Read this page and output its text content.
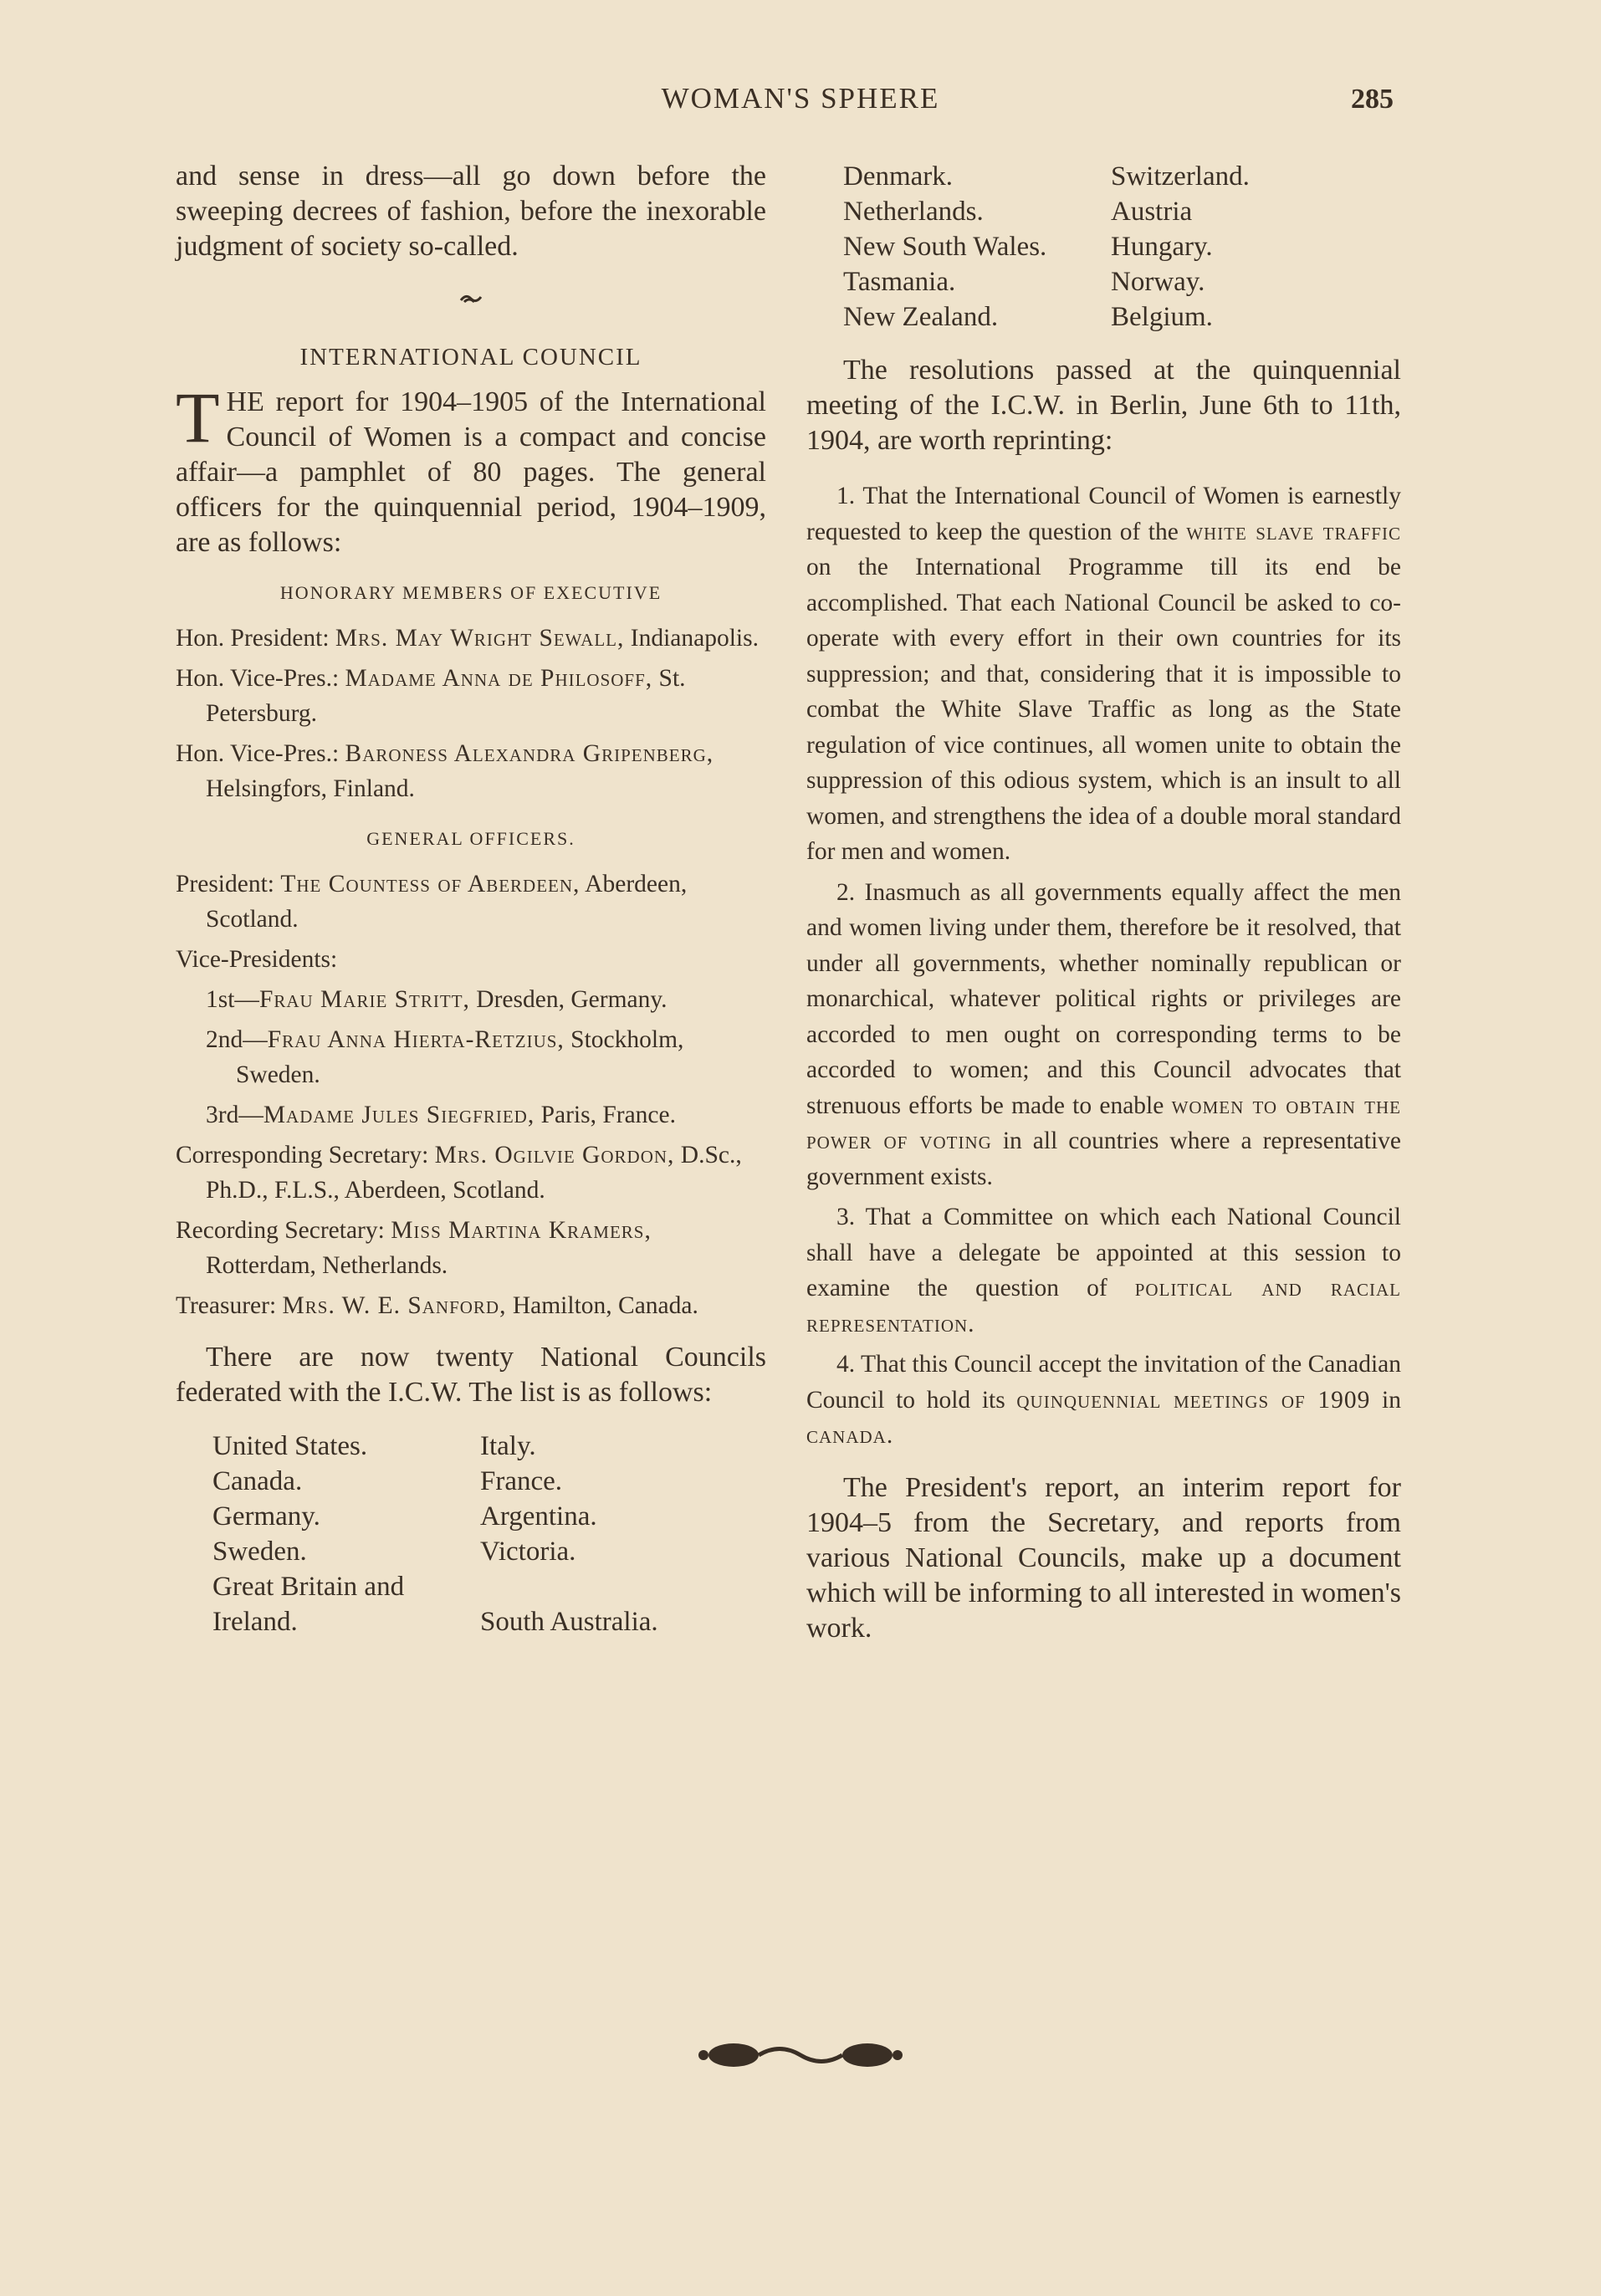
WOMAN'S SPHERE	285

and sense in dress—all go down before the sweeping decrees of fashion, before the inexorable judgment of society so-called.

INTERNATIONAL COUNCIL

THE report for 1904–1905 of the International Council of Women is a compact and concise affair—a pamphlet of 80 pages. The general officers for the quinquennial period, 1904–1909, are as follows:

HONORARY MEMBERS OF EXECUTIVE
Hon. President: Mrs. May Wright Sewall, Indianapolis.
Hon. Vice-Pres.: Madame Anna de Philosoff, St. Petersburg.
Hon. Vice-Pres.: Baroness Alexandra Gripenberg, Helsingfors, Finland.
GENERAL OFFICERS.
President: The Countess of Aberdeen, Aberdeen, Scotland.
Vice-Presidents:
1st—Frau Marie Stritt, Dresden, Germany.
2nd—Frau Anna Hierta-Retzius, Stockholm, Sweden.
3rd—Madame Jules Siegfried, Paris, France.
Corresponding Secretary: Mrs. Ogilvie Gordon, D.Sc., Ph.D., F.L.S., Aberdeen, Scotland.
Recording Secretary: Miss Martina Kramers, Rotterdam, Netherlands.
Treasurer: Mrs. W. E. Sanford, Hamilton, Canada.

There are now twenty National Councils federated with the I.C.W. The list is as follows:

United States.	Italy.
Canada.	France.
Germany.	Argentina.
Sweden.	Victoria.
Great Britain and	
Ireland.	South Australia.
Denmark.	Switzerland.
Netherlands.	Austria
New South Wales.	Hungary.
Tasmania.	Norway.
New Zealand.	Belgium.

The resolutions passed at the quinquennial meeting of the I.C.W. in Berlin, June 6th to 11th, 1904, are worth reprinting:

1. That the International Council of Women is earnestly requested to keep the question of the white slave traffic on the International Programme till its end be accomplished. That each National Council be asked to co-operate with every effort in their own countries for its suppression; and that, considering that it is impossible to combat the White Slave Traffic as long as the State regulation of vice continues, all women unite to obtain the suppression of this odious system, which is an insult to all women, and strengthens the idea of a double moral standard for men and women.

2. Inasmuch as all governments equally affect the men and women living under them, therefore be it resolved, that under all governments, whether nominally republican or monarchical, whatever political rights or privileges are accorded to men ought on corresponding terms to be accorded to women; and this Council advocates that strenuous efforts be made to enable women to obtain the power of voting in all countries where a representative government exists.

3. That a Committee on which each National Council shall have a delegate be appointed at this session to examine the question of political and racial representation.

4. That this Council accept the invitation of the Canadian Council to hold its quinquennial meetings of 1909 in canada.

The President's report, an interim report for 1904–5 from the Secretary, and reports from various National Councils, make up a document which will be informing to all interested in women's work.
